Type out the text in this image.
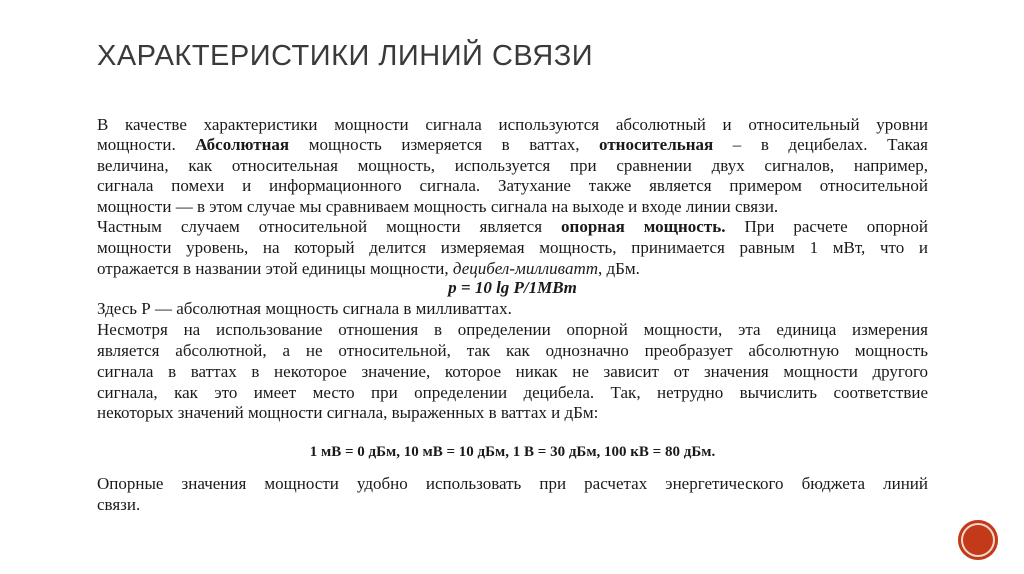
ХАРАКТЕРИСТИКИ ЛИНИЙ СВЯЗИ
В качестве характеристики мощности сигнала используются абсолютный и относительный уровни
мощности. Абсолютная мощность измеряется в ваттах, относительная – в децибелах. Такая
величина, как относительная мощность, используется при сравнении двух сигналов, например,
сигнала помехи и информационного сигнала. Затухание также является примером относительной
мощности — в этом случае мы сравниваем мощность сигнала на выходе и входе линии связи.
Частным случаем относительной мощности является опорная мощность. При расчете опорной
мощности уровень, на который делится измеряемая мощность, принимается равным 1 мВт, что и
отражается в названии этой единицы мощности, децибел-милливатт, дБм.
p = 10 lg P/1MBm
Здесь Р — абсолютная мощность сигнала в милливаттах.
Несмотря на использование отношения в определении опорной мощности, эта единица измерения
является абсолютной, а не относительной, так как однозначно преобразует абсолютную мощность
сигнала в ваттах в некоторое значение, которое никак не зависит от значения мощности другого
сигнала, как это имеет место при определении децибела. Так, нетрудно вычислить соответствие
некоторых значений мощности сигнала, выраженных в ваттах и дБм:
1 мВ = 0 дБм, 10 мВ = 10 дБм, 1 В = 30 дБм, 100 кВ = 80 дБм.
Опорные значения мощности удобно использовать при расчетах энергетического бюджета линий
связи.
